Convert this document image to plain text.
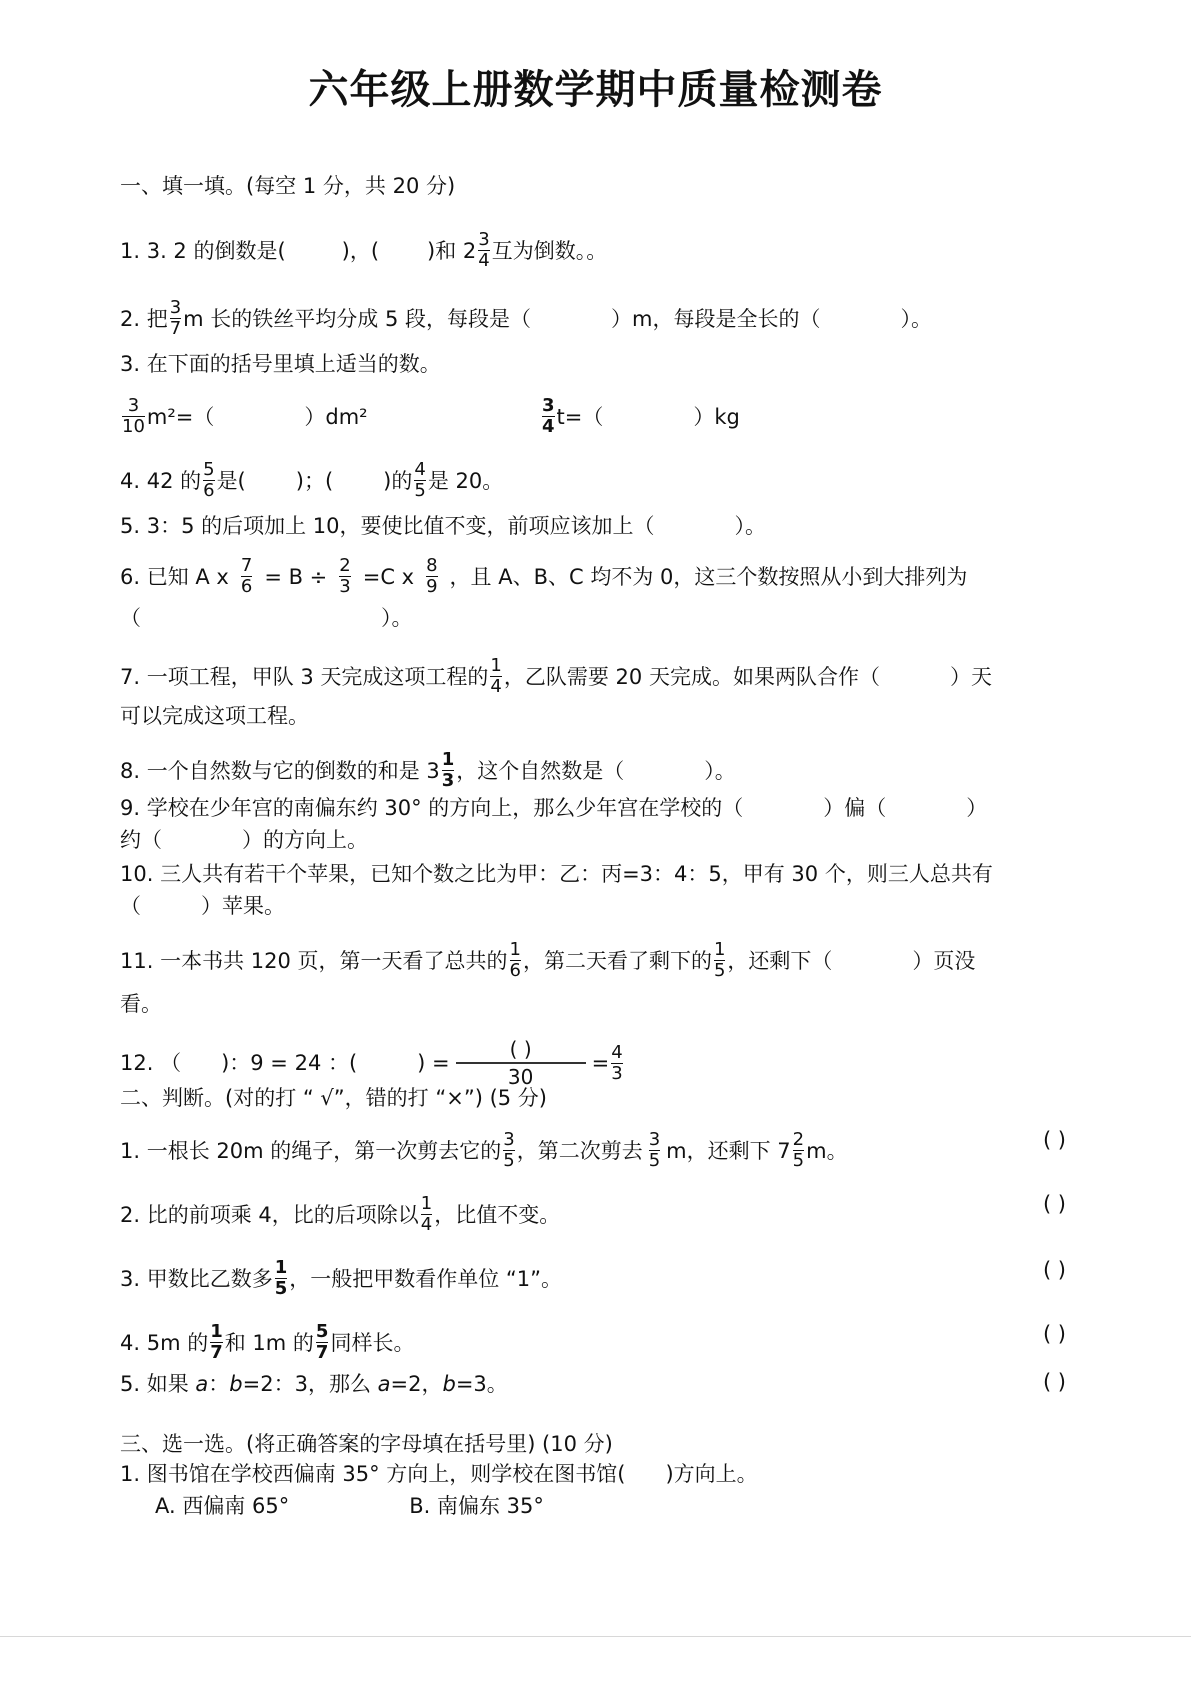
六年级上册数学期中质量检测卷
一、填一填。(每空 1 分，共 20 分)
1. 3. 2 的倒数是(	)，( )和 $2 \frac{3}{4}$ 互为倒数。。
2. 把 $\frac{3}{7}$ m 长的铁丝平均分成 5 段，每段是（	）m，每段是全长的（	）。
3. 在下面的括号里填上适当的数。
$\frac{3}{10} m^2=$（	）dm²	$\frac{3}{4} t=$（	）kg
4. 42 的 $\frac{5}{6}$ 是( )；( )的 $\frac{4}{5}$ 是 20。
5. 3：5 的后项加上 10，要使比值不变，前项应该加上（	）。
6. 已知 A x $\frac{7}{6} = B \div \frac{2}{3} =C$ x $\frac{8}{9}$ ，且 A、B、C 均不为 0，这三个数按照从小到大排列为
（	）。
7. 一项工程，甲队 3 天完成这项工程的 $\frac{1}{4}$ ，乙队需要 20 天完成。如果两队合作（	）天
可以完成这项工程。
8. 一个自然数与它的倒数的和是 $3 \frac{1}{3}$ ，这个自然数是（	）。
9. 学校在少年宫的南偏东约 30° 的方向上，那么少年宫在学校的（	）偏（	）
约（	）的方向上。
10. 三人共有若干个苹果，已知个数之比为甲：乙：丙=3：4：5，甲有 30 个，则三人总共有
（	）苹果。
11. 一本书共 120 页，第一天看了总共的 $\frac{1}{6}$ ，第二天看了剩下的 $\frac{1}{5}$ ，还剩下（	）页没
看。
12. （ )：9 = 24 ：(	) =
( )
30
= $\frac{4}{3}$
二、判断。(对的打 “ √”，错的打 “×”) (5 分)
1. 一根长 20m 的绳子，第一次剪去它的 $\frac{3}{5}$ ，第二次剪去 $\frac{3}{5}$ m，还剩下 $7 \frac{2}{5}$ m。	( )
2. 比的前项乘 4，比的后项除以 $\frac{1}{4}$ ，比值不变。	( )
3. 甲数比乙数多 $\frac{1}{5}$ ，一般把甲数看作单位 “1”。	( )
4. 5m 的 $\frac{1}{7}$ 和 1m 的 $\frac{5}{7}$ 同样长。	( )
5. 如果
a ： b =2：3，那么
a =2， b =3。	( )
三、选一选。(将正确答案的字母填在括号里) (10 分)
1. 图书馆在学校西偏南 35° 方向上，则学校在图书馆( )方向上。
A. 西偏南 65°	B. 南偏东 35°
